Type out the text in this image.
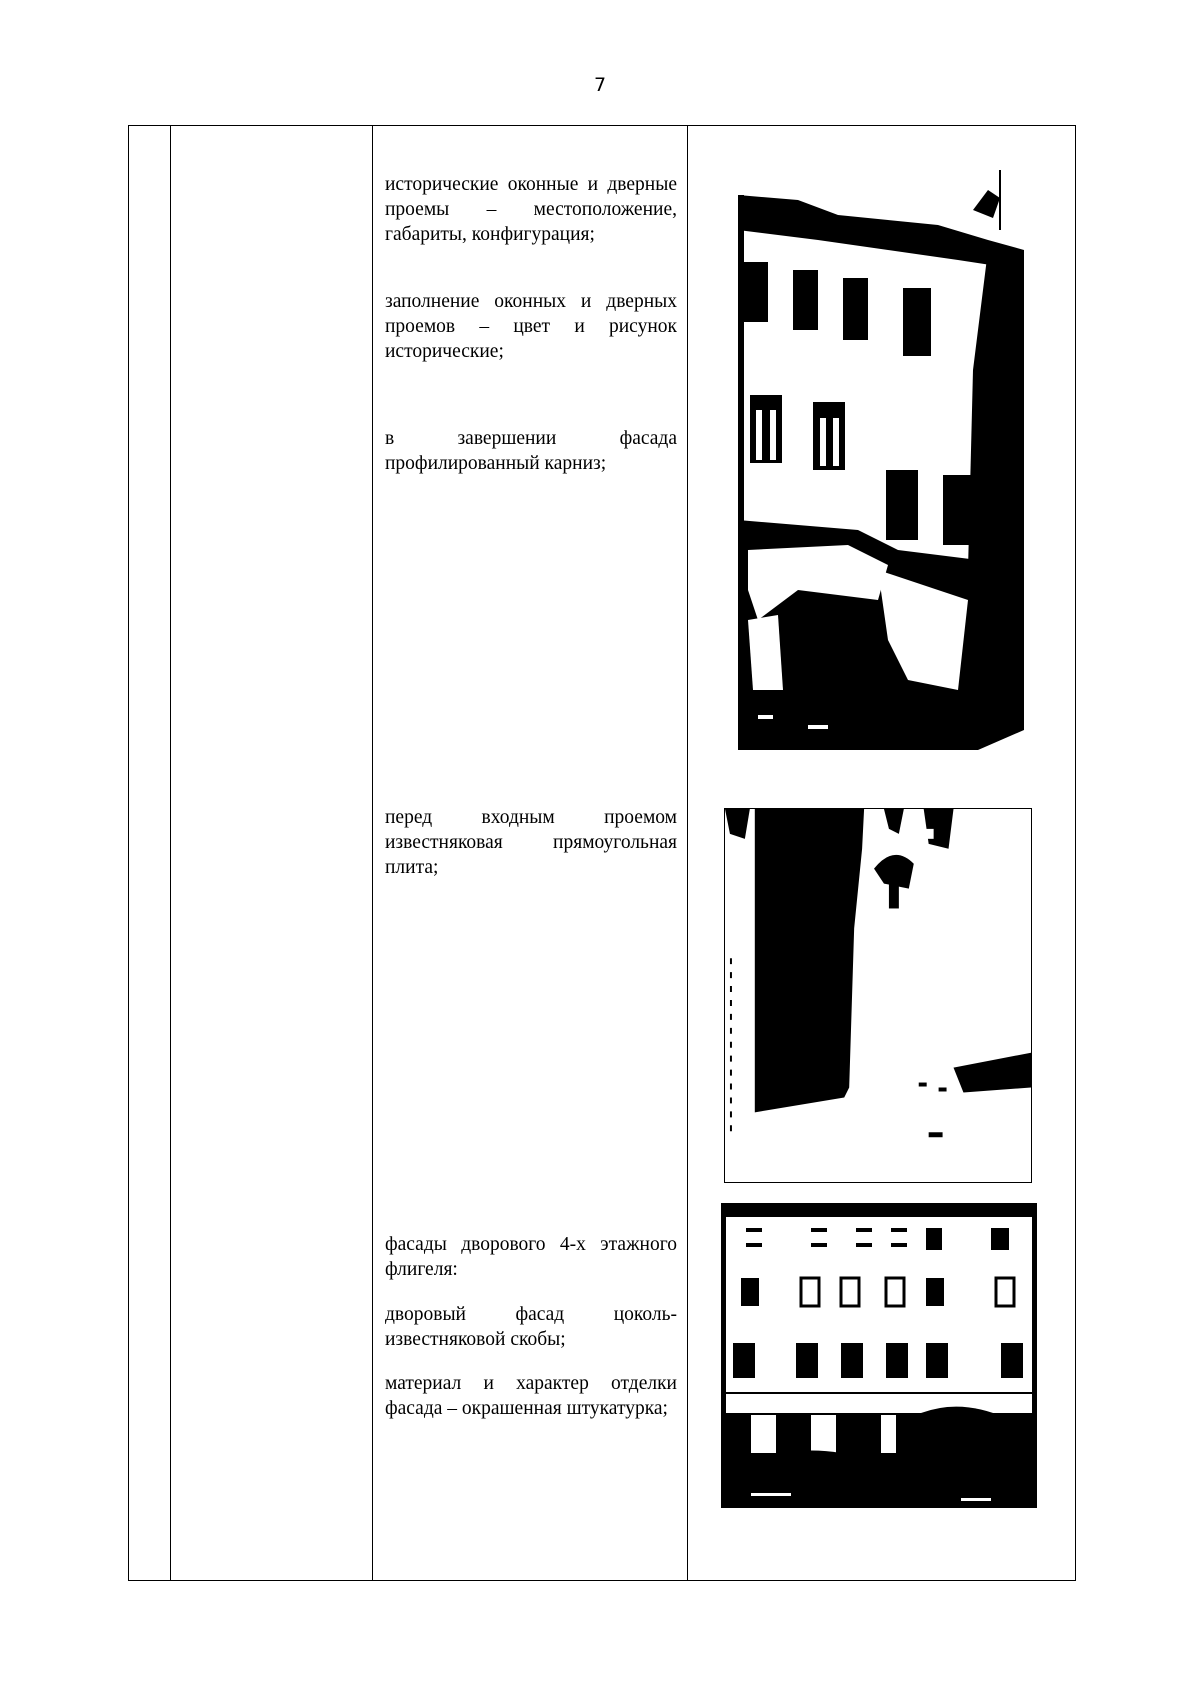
7
исторические оконные и дверные проемы – местоположение, габариты, конфигурация;
заполнение оконных и дверных проемов – цвет и рисунок исторические;
в завершении фасада профилированный карниз;
перед входным проемом известняковая прямоугольная плита;
фасады дворового 4-х этажного флигеля:
дворовый фасад цоколь- известняковой скобы;
материал и характер отделки фасада – окрашенная штукатурка;
